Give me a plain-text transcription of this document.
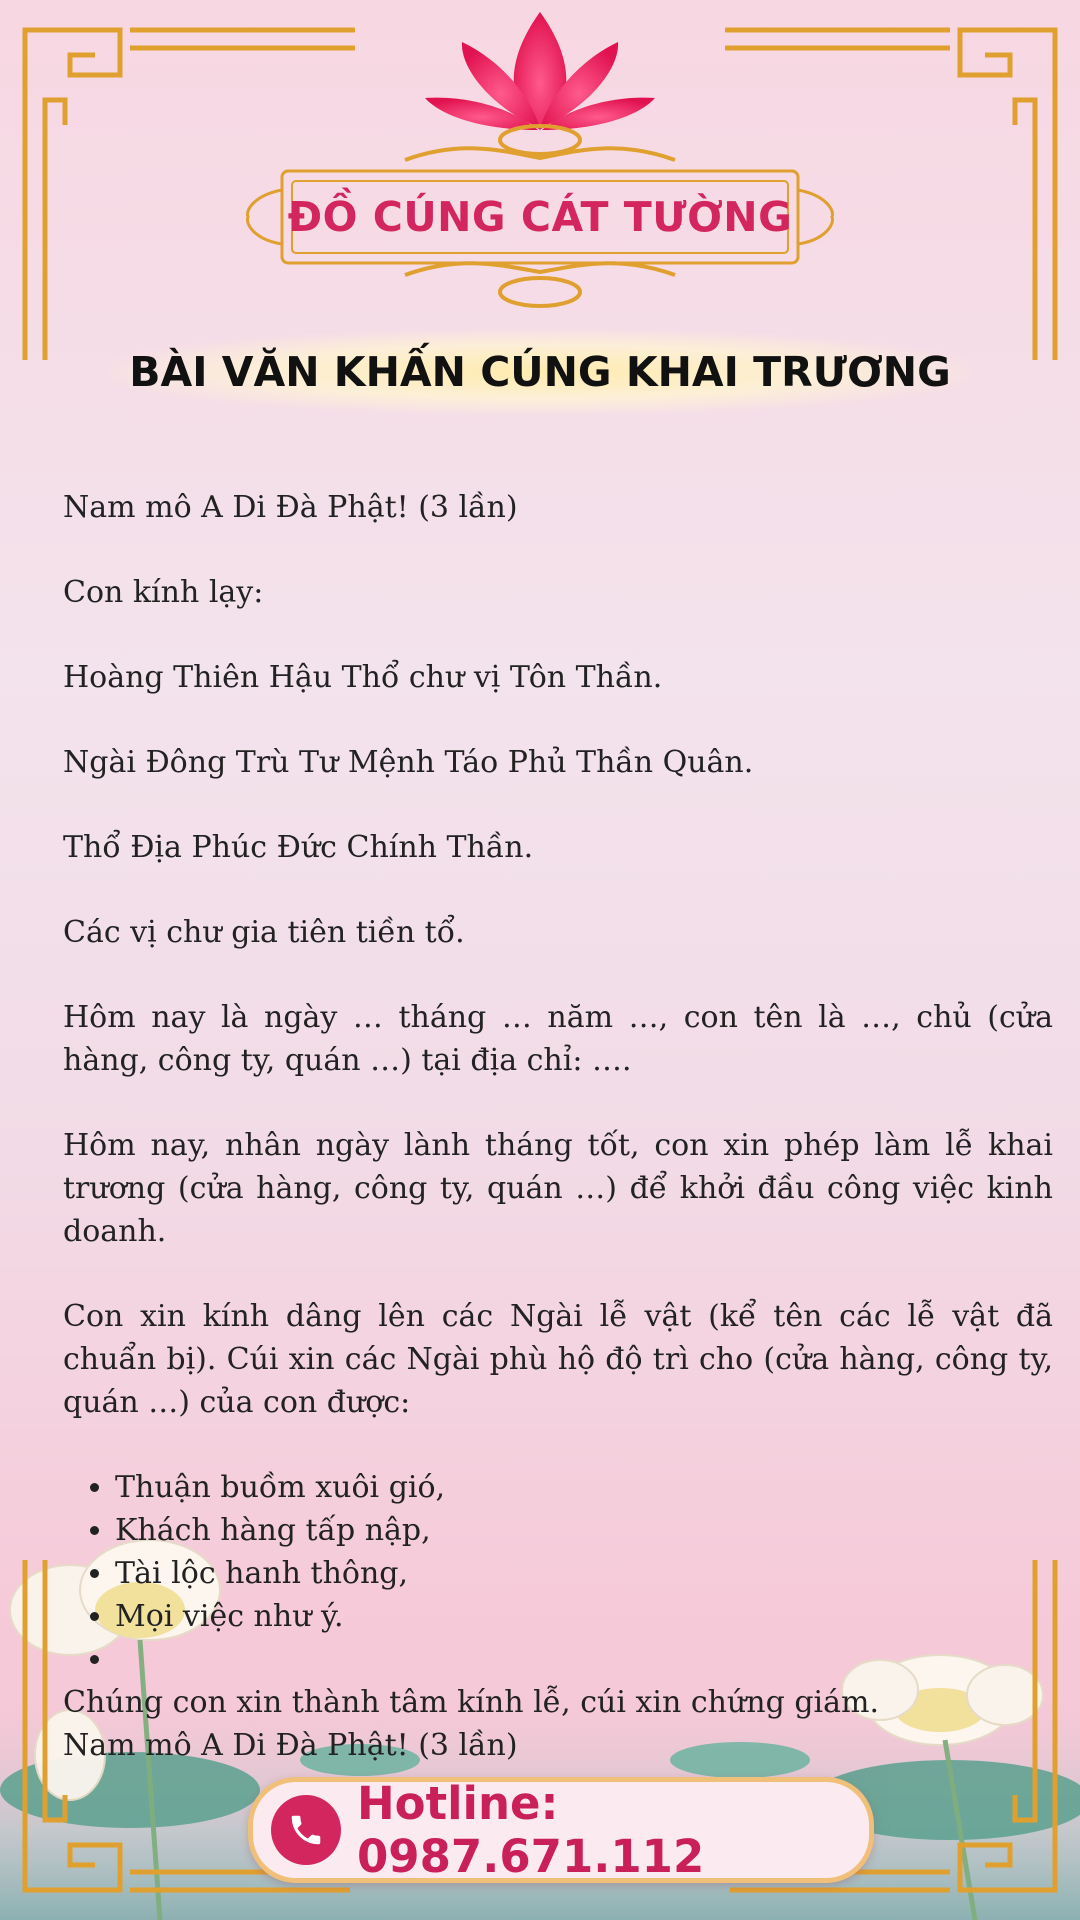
ĐỒ CÚNG CÁT TƯỜNG
BÀI VĂN KHẤN CÚNG KHAI TRƯƠNG

Nam mô A Di Đà Phật! (3 lần)

Con kính lạy:

Hoàng Thiên Hậu Thổ chư vị Tôn Thần.

Ngài Đông Trù Tư Mệnh Táo Phủ Thần Quân.

Thổ Địa Phúc Đức Chính Thần.

Các vị chư gia tiên tiền tổ.

Hôm nay là ngày … tháng … năm …, con tên là …, chủ (cửa hàng, công ty, quán …) tại địa chỉ: ….

Hôm nay, nhân ngày lành tháng tốt, con xin phép làm lễ khai trương (cửa hàng, công ty, quán …) để khởi đầu công việc kinh doanh.

Con xin kính dâng lên các Ngài lễ vật (kể tên các lễ vật đã chuẩn bị). Cúi xin các Ngài phù hộ độ trì cho (cửa hàng, công ty, quán …) của con được:

• Thuận buồm xuôi gió,
• Khách hàng tấp nập,
• Tài lộc hanh thông,
• Mọi việc như ý.
•
Chúng con xin thành tâm kính lễ, cúi xin chứng giám.
Nam mô A Di Đà Phật! (3 lần)
Hotline: 0987.671.112
